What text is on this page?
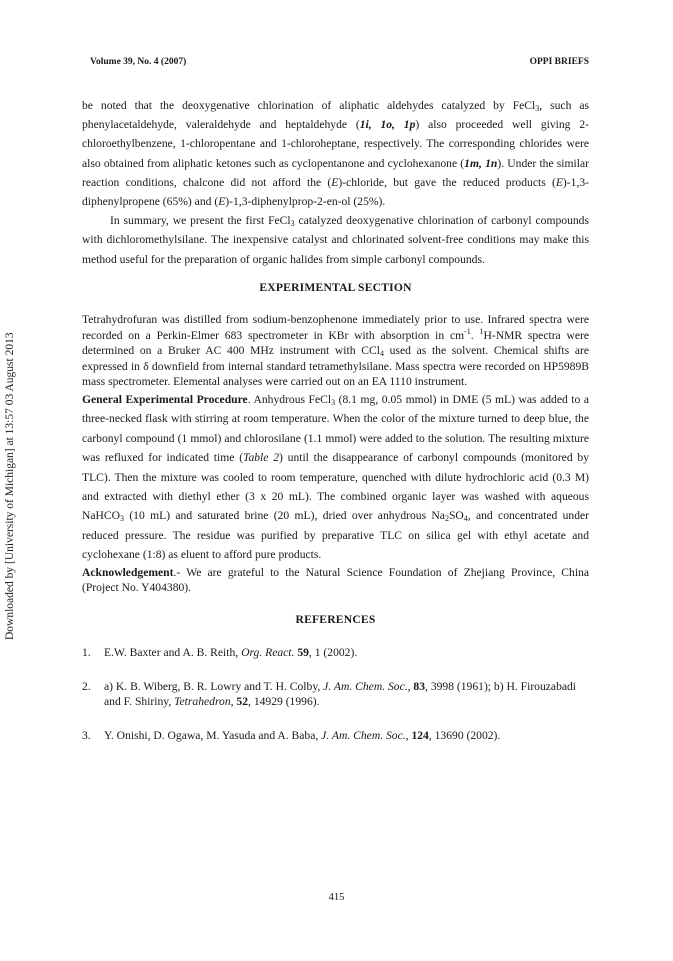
Volume 39, No. 4 (2007)	OPPI BRIEFS
Downloaded by [University of Michigan] at 13:57 03 August 2013

be noted that the deoxygenative chlorination of aliphatic aldehydes catalyzed by FeCl$_3$, such as phenylacetaldehyde, valeraldehyde and heptaldehyde (1i, 1o, 1p) also proceeded well giving 2-chloroethylbenzene, 1-chloropentane and 1-chloroheptane, respectively. The corresponding chlorides were also obtained from aliphatic ketones such as cyclopentanone and cyclohexanone (1m, 1n). Under the similar reaction conditions, chalcone did not afford the (E)-chloride, but gave the reduced products (E)-1,3-diphenylpropene (65%) and (E)-1,3-diphenylprop-2-en-ol (25%).

In summary, we present the first FeCl$_3$ catalyzed deoxygenative chlorination of carbonyl compounds with dichloromethylsilane. The inexpensive catalyst and chlorinated solvent-free conditions may make this method useful for the preparation of organic halides from simple carbonyl compounds.

EXPERIMENTAL SECTION

Tetrahydrofuran was distilled from sodium-benzophenone immediately prior to use. Infrared spectra were recorded on a Perkin-Elmer 683 spectrometer in KBr with absorption in $cm^{-1}$. $^1$H-NMR spectra were determined on a Bruker AC 400 MHz instrument with CCl$_4$ used as the solvent. Chemical shifts are expressed in δ downfield from internal standard tetramethylsilane. Mass spectra were recorded on HP5989B mass spectrometer. Elemental analyses were carried out on an EA 1110 instrument.

General Experimental Procedure. Anhydrous FeCl$_3$ (8.1 mg, 0.05 mmol) in DME (5 mL) was added to a three-necked flask with stirring at room temperature. When the color of the mixture turned to deep blue, the carbonyl compound (1 mmol) and chlorosilane (1.1 mmol) were added to the solution. The resulting mixture was refluxed for indicated time (Table 2) until the disappearance of carbonyl compounds (monitored by TLC). Then the mixture was cooled to room temperature, quenched with dilute hydrochloric acid (0.3 M) and extracted with diethyl ether (3 x 20 mL). The combined organic layer was washed with aqueous NaHCO$_3$ (10 mL) and saturated brine (20 mL), dried over anhydrous $Na_2SO_4$, and concentrated under reduced pressure. The residue was purified by preparative TLC on silica gel with ethyl acetate and cyclohexane (1:8) as eluent to afford pure products.

Acknowledgement.- We are grateful to the Natural Science Foundation of Zhejiang Province, China (Project No. Y404380).

REFERENCES
1. E.W. Baxter and A. B. Reith, Org. React. 59, 1 (2002).
2. a) K. B. Wiberg, B. R. Lowry and T. H. Colby, J. Am. Chem. Soc., 83, 3998 (1961); b) H. Firouzabadi and F. Shiriny, Tetrahedron, 52, 14929 (1996).
3. Y. Onishi, D. Ogawa, M. Yasuda and A. Baba, J. Am. Chem. Soc., 124, 13690 (2002).
415
